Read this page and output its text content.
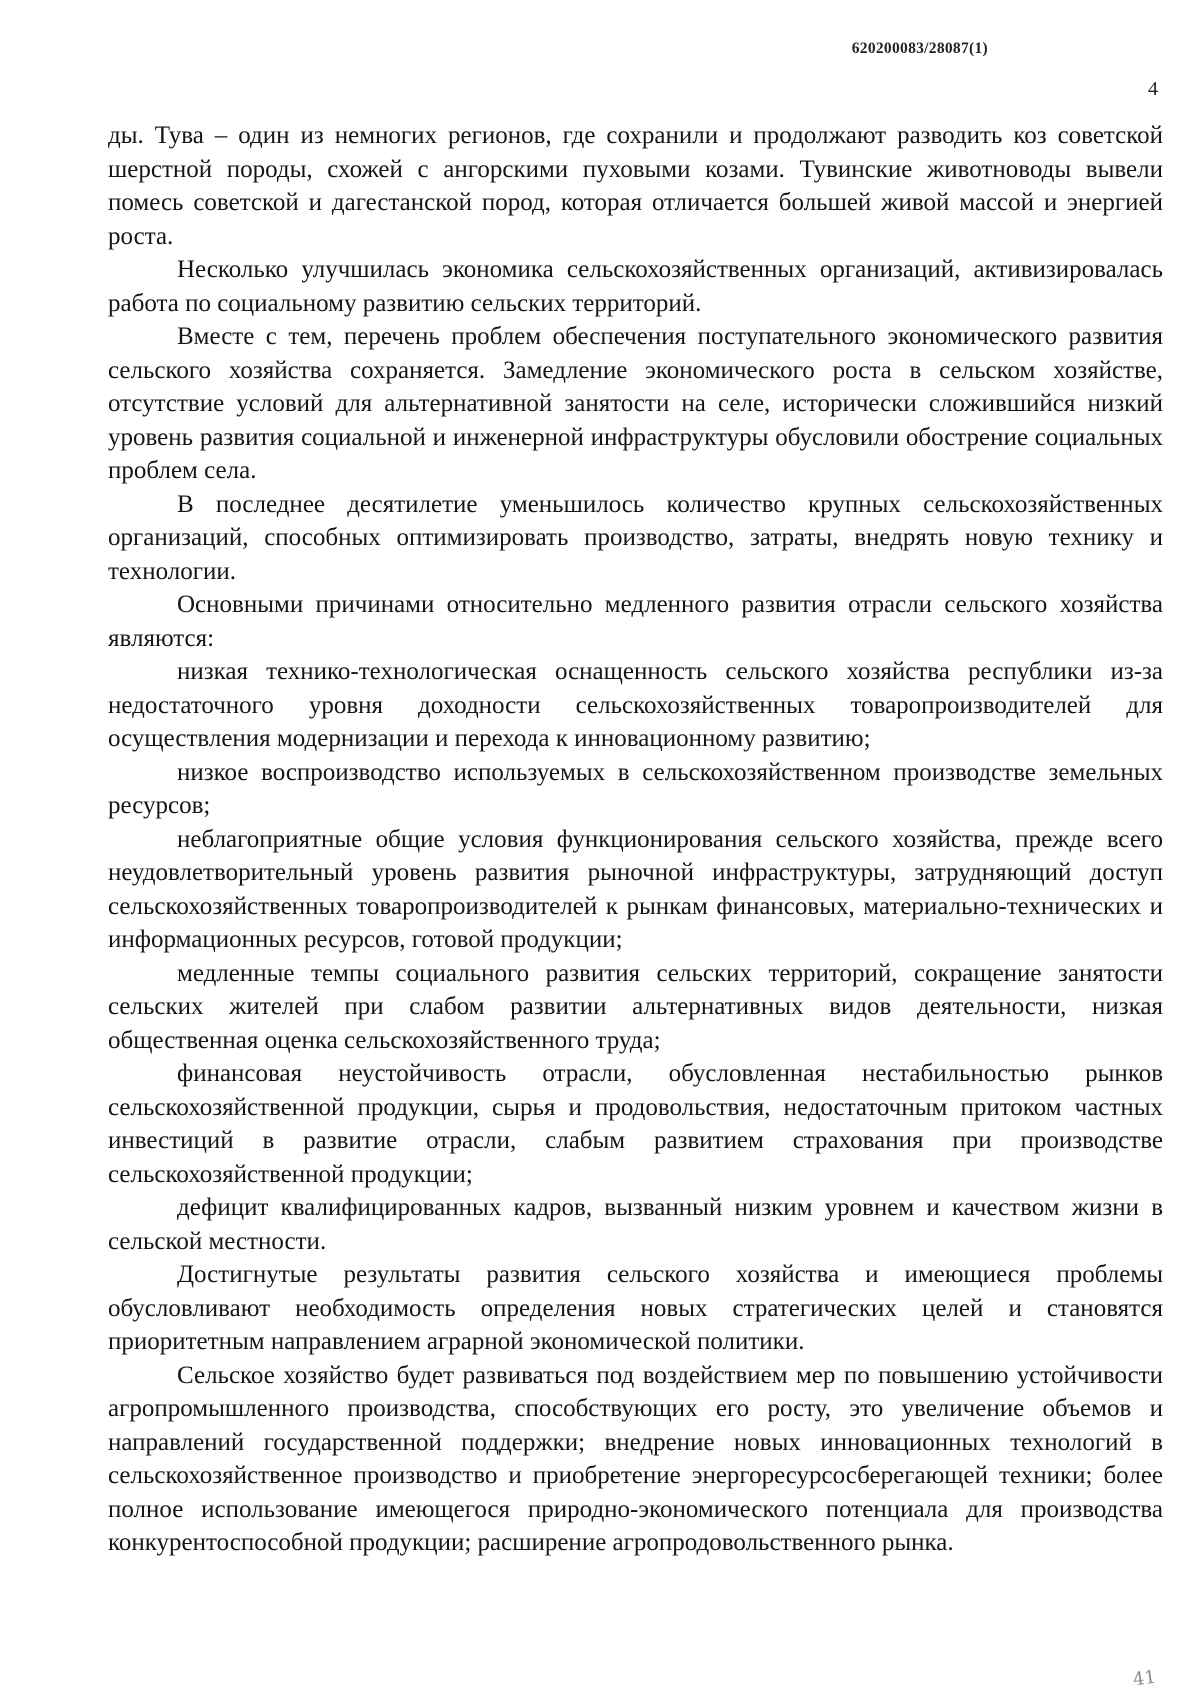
620200083/28087(1)
4

ды. Тува – один из немногих регионов, где сохранили и продолжают разводить коз советской шерстной породы, схожей с ангорскими пуховыми козами. Тувинские животноводы вывели помесь советской и дагестанской пород, которая отличается большей живой массой и энергией роста.

Несколько улучшилась экономика сельскохозяйственных организаций, активизировалась работа по социальному развитию сельских территорий.

Вместе с тем, перечень проблем обеспечения поступательного экономического развития сельского хозяйства сохраняется. Замедление экономического роста в сельском хозяйстве, отсутствие условий для альтернативной занятости на селе, исторически сложившийся низкий уровень развития социальной и инженерной инфраструктуры обусловили обострение социальных проблем села.

В последнее десятилетие уменьшилось количество крупных сельскохозяйственных организаций, способных оптимизировать производство, затраты, внедрять новую технику и технологии.

Основными причинами относительно медленного развития отрасли сельского хозяйства являются:

низкая технико-технологическая оснащенность сельского хозяйства республики из-за недостаточного уровня доходности сельскохозяйственных товаропроизводителей для осуществления модернизации и перехода к инновационному развитию;

низкое воспроизводство используемых в сельскохозяйственном производстве земельных ресурсов;

неблагоприятные общие условия функционирования сельского хозяйства, прежде всего неудовлетворительный уровень развития рыночной инфраструктуры, затрудняющий доступ сельскохозяйственных товаропроизводителей к рынкам финансовых, материально-технических и информационных ресурсов, готовой продукции;

медленные темпы социального развития сельских территорий, сокращение занятости сельских жителей при слабом развитии альтернативных видов деятельности, низкая общественная оценка сельскохозяйственного труда;

финансовая неустойчивость отрасли, обусловленная нестабильностью рынков сельскохозяйственной продукции, сырья и продовольствия, недостаточным притоком частных инвестиций в развитие отрасли, слабым развитием страхования при производстве сельскохозяйственной продукции;

дефицит квалифицированных кадров, вызванный низким уровнем и качеством жизни в сельской местности.

Достигнутые результаты развития сельского хозяйства и имеющиеся проблемы обусловливают необходимость определения новых стратегических целей и становятся приоритетным направлением аграрной экономической политики.

Сельское хозяйство будет развиваться под воздействием мер по повышению устойчивости агропромышленного производства, способствующих его росту, это увеличение объемов и направлений государственной поддержки; внедрение новых инновационных технологий в сельскохозяйственное производство и приобретение энергоресурсосберегающей техники; более полное использование имеющегося природно-экономического потенциала для производства конкурентоспособной продукции; расширение агропродовольственного рынка.

41
